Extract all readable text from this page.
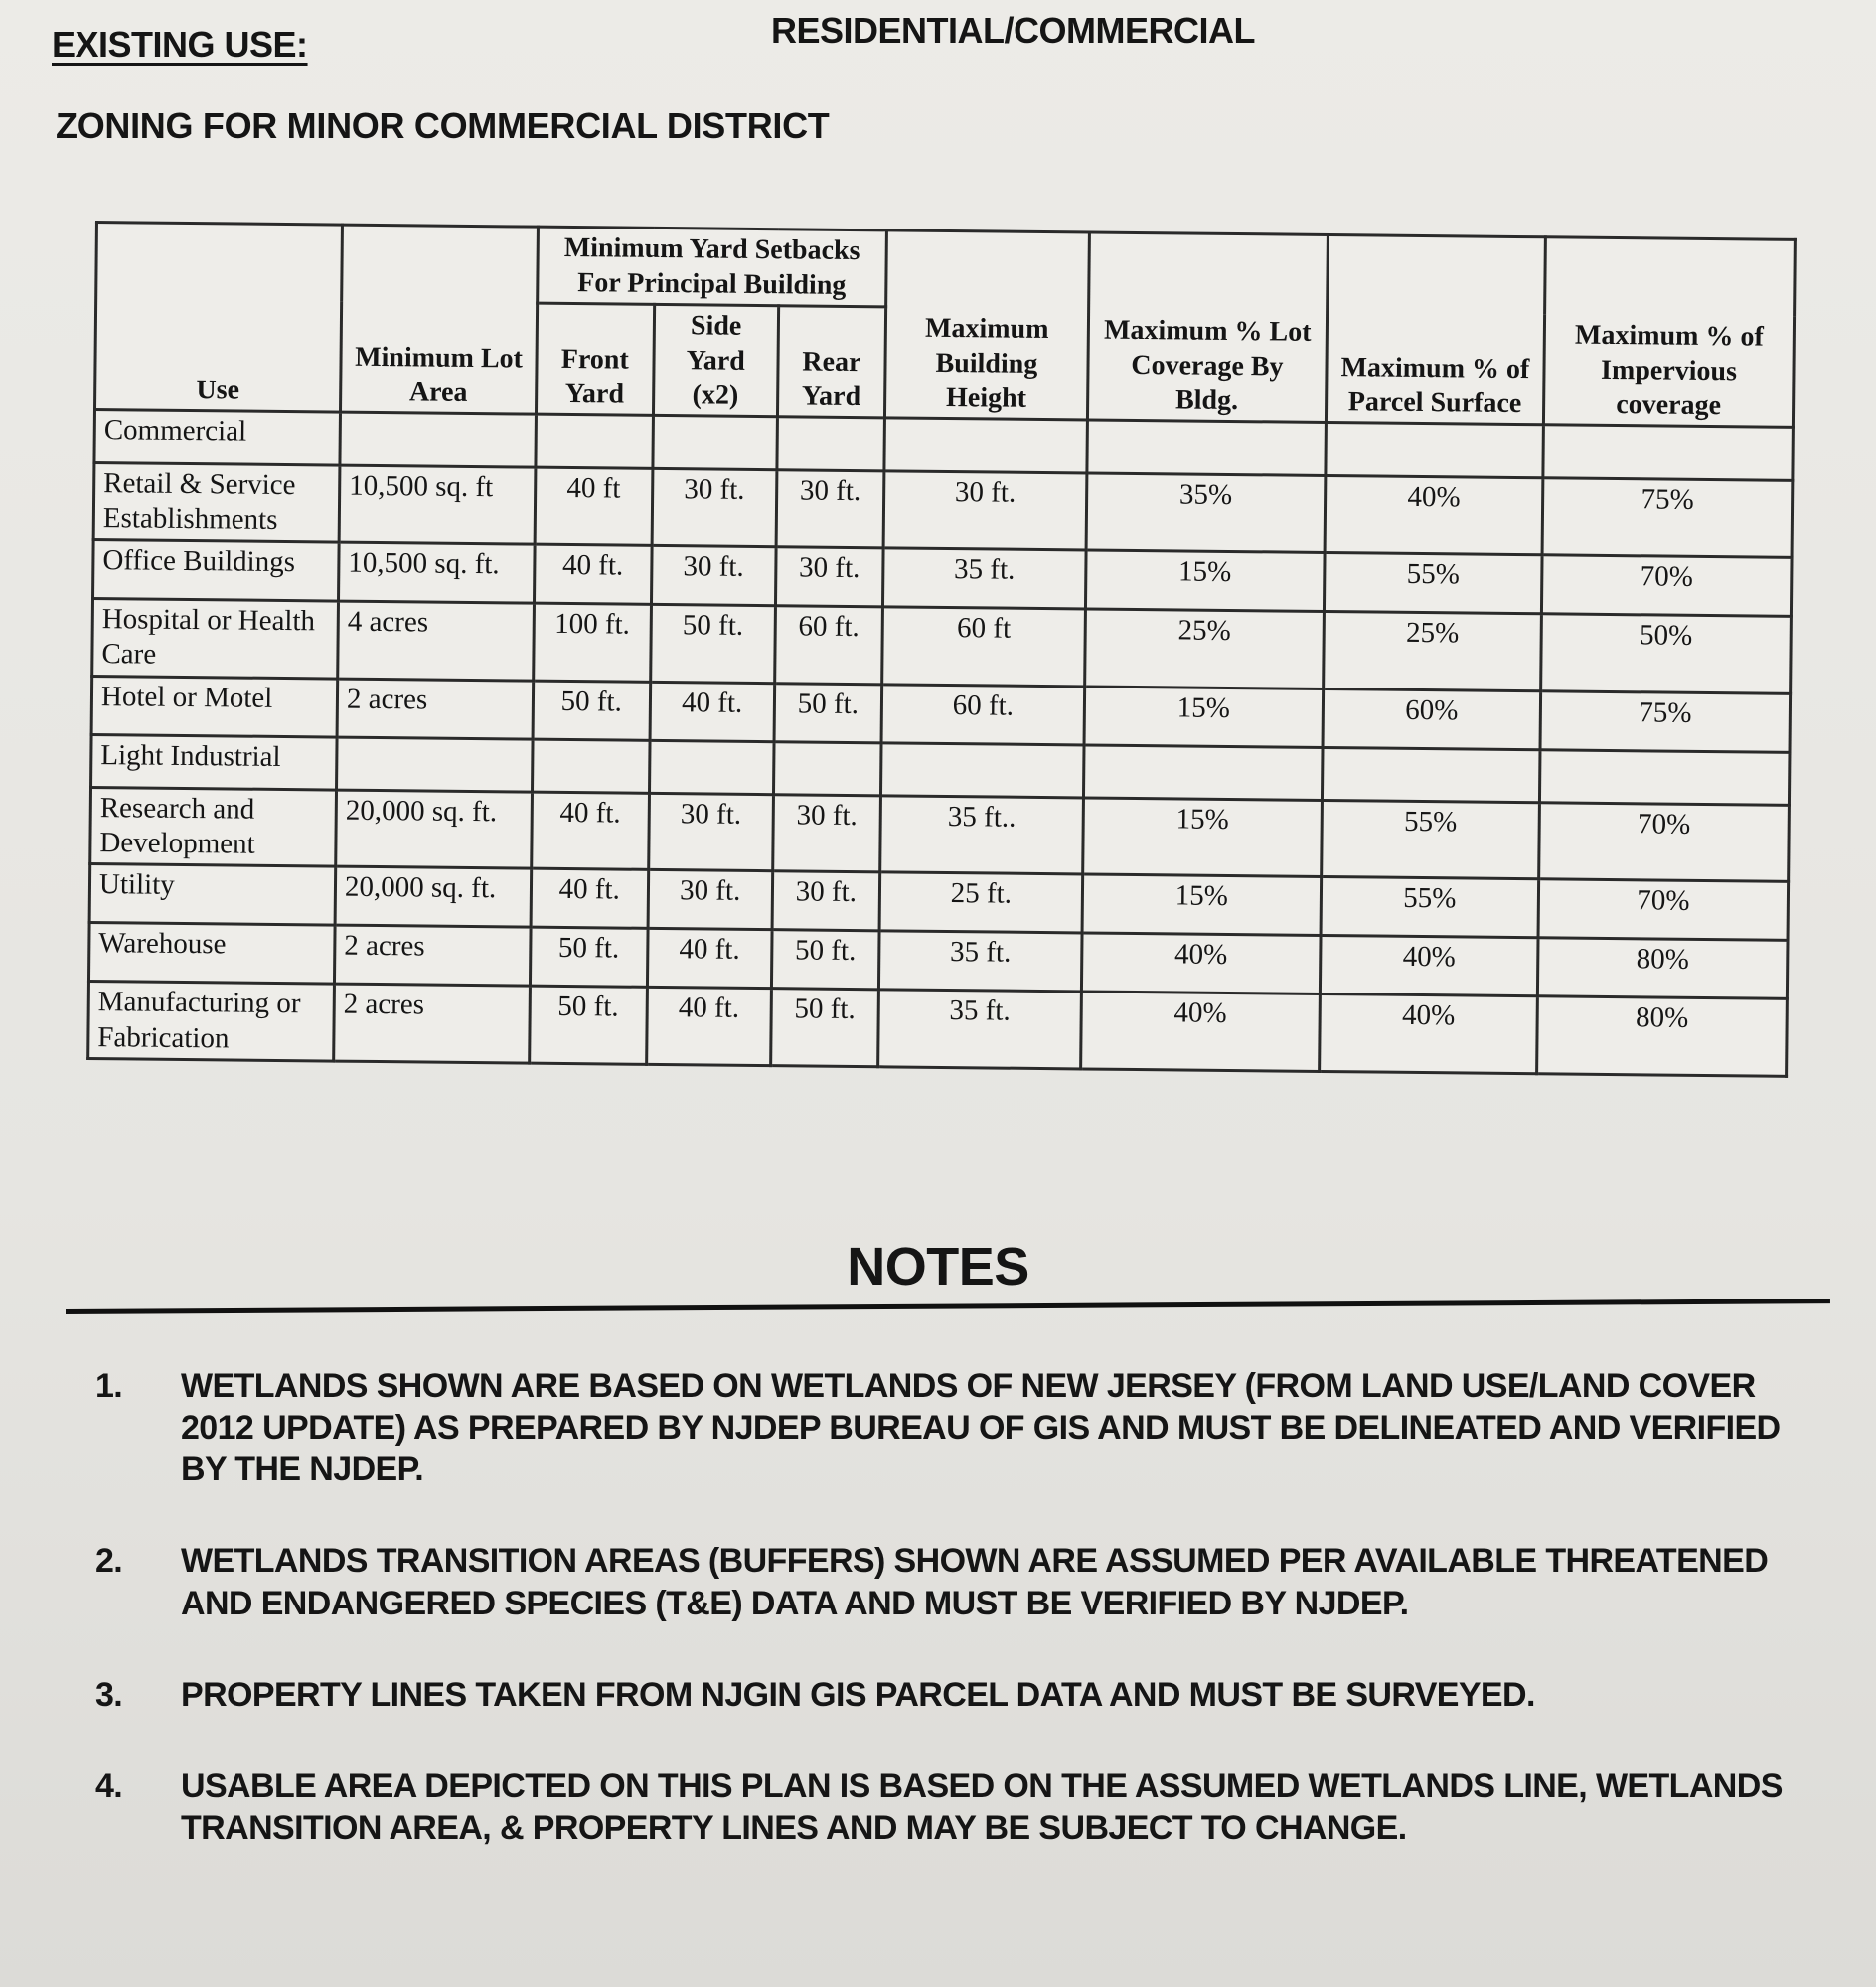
EXISTING USE:	RESIDENTIAL/COMMERCIAL
ZONING FOR MINOR COMMERCIAL DISTRICT
Use	Minimum Lot Area	Minimum Yard Setbacks For Principal Building			Maximum Building Height	Maximum % Lot Coverage By Bldg.	Maximum % of Parcel Surface	Maximum % of Impervious coverage
		Front Yard	Side Yard (x2)	Rear Yard				
Commercial								
Retail & Service Establishments	10,500 sq. ft	40 ft	30 ft.	30 ft.	30 ft.	35%	40%	75%
Office Buildings	10,500 sq. ft.	40 ft.	30 ft.	30 ft.	35 ft.	15%	55%	70%
Hospital or Health Care	4 acres	100 ft.	50 ft.	60 ft.	60 ft	25%	25%	50%
Hotel or Motel	2 acres	50 ft.	40 ft.	50 ft.	60 ft.	15%	60%	75%
Light Industrial								
Research and Development	20,000 sq. ft.	40 ft.	30 ft.	30 ft.	35 ft..	15%	55%	70%
Utility	20,000 sq. ft.	40 ft.	30 ft.	30 ft.	25 ft.	15%	55%	70%
Warehouse	2 acres	50 ft.	40 ft.	50 ft.	35 ft.	40%	40%	80%
Manufacturing or Fabrication	2 acres	50 ft.	40 ft.	50 ft.	35 ft.	40%	40%	80%
NOTES
1.	WETLANDS SHOWN ARE BASED ON WETLANDS OF NEW JERSEY (FROM LAND USE/LAND COVER 2012 UPDATE) AS PREPARED BY NJDEP BUREAU OF GIS AND MUST BE DELINEATED AND VERIFIED BY THE NJDEP.
2.	WETLANDS TRANSITION AREAS (BUFFERS) SHOWN ARE ASSUMED PER AVAILABLE THREATENED AND ENDANGERED SPECIES (T&E) DATA AND MUST BE VERIFIED BY NJDEP.
3.	PROPERTY LINES TAKEN FROM NJGIN GIS PARCEL DATA AND MUST BE SURVEYED.
4.	USABLE AREA DEPICTED ON THIS PLAN IS BASED ON THE ASSUMED WETLANDS LINE, WETLANDS TRANSITION AREA, & PROPERTY LINES AND MAY BE SUBJECT TO CHANGE.
